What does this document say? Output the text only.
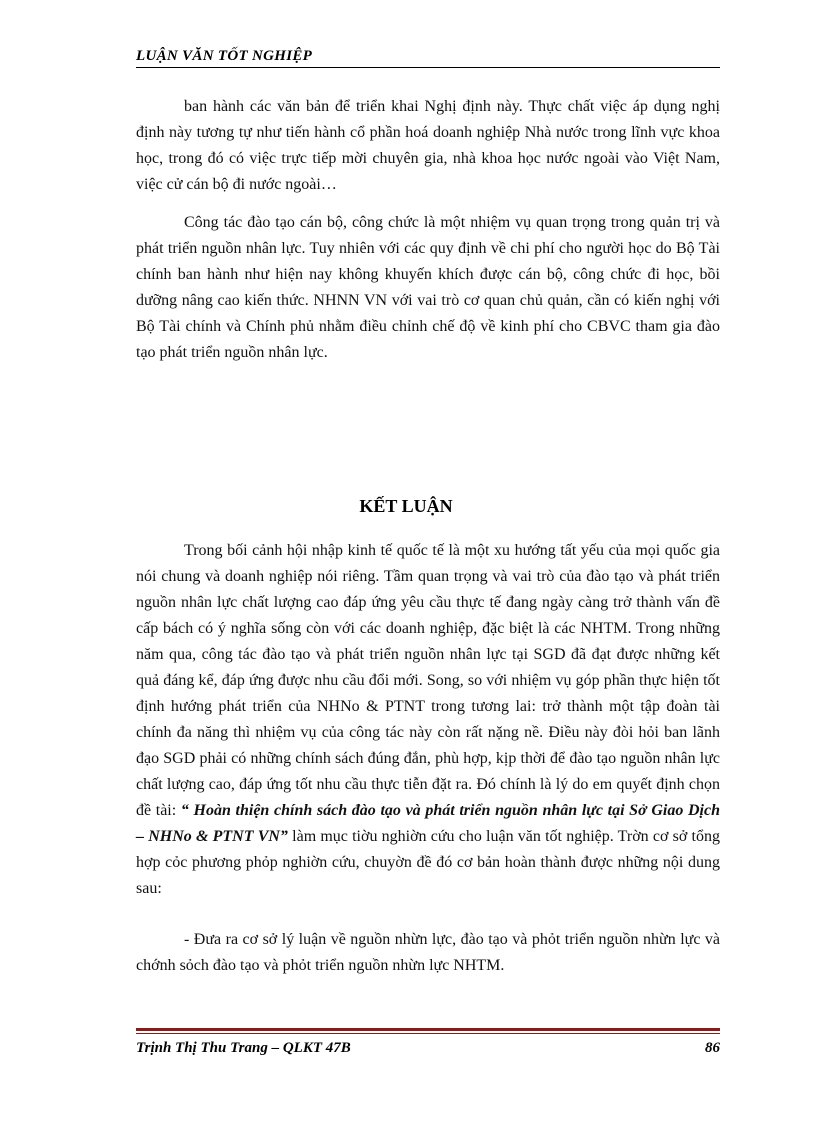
LUẬN VĂN TỐT NGHIỆP

ban hành các văn bản để triển khai Nghị định này. Thực chất việc áp dụng nghị định này tương tự như tiến hành cổ phần hoá doanh nghiệp Nhà nước trong lĩnh vực khoa học, trong đó có việc trực tiếp mời chuyên gia, nhà khoa học nước ngoài vào Việt Nam, việc cử cán bộ đi nước ngoài…

Công tác đào tạo cán bộ, công chức là một nhiệm vụ quan trọng trong quản trị và phát triển nguồn nhân lực. Tuy nhiên với các quy định về chi phí cho người học do Bộ Tài chính ban hành như hiện nay không khuyến khích được cán bộ, công chức đi học, bồi dưỡng nâng cao kiến thức. NHNN VN với vai trò cơ quan chủ quản, cần có kiến nghị với Bộ Tài chính và Chính phủ nhằm điều chỉnh chế độ về kinh phí cho CBVC tham gia đào tạo phát triển nguồn nhân lực.

KẾT LUẬN

Trong bối cảnh hội nhập kinh tế quốc tế là một xu hướng tất yếu của mọi quốc gia nói chung và doanh nghiệp nói riêng. Tầm quan trọng và vai trò của đào tạo và phát triển nguồn nhân lực chất lượng cao đáp ứng yêu cầu thực tế đang ngày càng trở thành vấn đề cấp bách có ý nghĩa sống còn với các doanh nghiệp, đặc biệt là các NHTM. Trong những năm qua, công tác đào tạo và phát triển nguồn nhân lực tại SGD đã đạt được những kết quả đáng kể, đáp ứng được nhu cầu đổi mới. Song, so với nhiệm vụ góp phần thực hiện tốt định hướng phát triển của NHNo & PTNT trong tương lai: trở thành một tập đoàn tài chính đa năng thì nhiệm vụ của công tác này còn rất nặng nề. Điều này đòi hỏi ban lãnh đạo SGD phải có những chính sách đúng đắn, phù hợp, kịp thời để đào tạo nguồn nhân lực chất lượng cao, đáp ứng tốt nhu cầu thực tiễn đặt ra. Đó chính là lý do em quyết định chọn đề tài: “ Hoàn thiện chính sách đào tạo và phát triển nguồn nhân lực tại Sở Giao Dịch – NHNo & PTNT VN” làm mục tiờu nghiờn cứu cho luận văn tốt nghiệp. Trờn cơ sở tổng hợp cỏc phương phỏp nghiờn cứu, chuyờn đề đó cơ bản hoàn thành được những nội dung sau:

- Đưa ra cơ sở lý luận về nguồn nhừn lực, đào tạo và phỏt triển nguồn nhừn lực và chớnh sỏch đào tạo và phỏt triển nguồn nhừn lực NHTM.

Trịnh Thị Thu Trang – QLKT 47B	86
